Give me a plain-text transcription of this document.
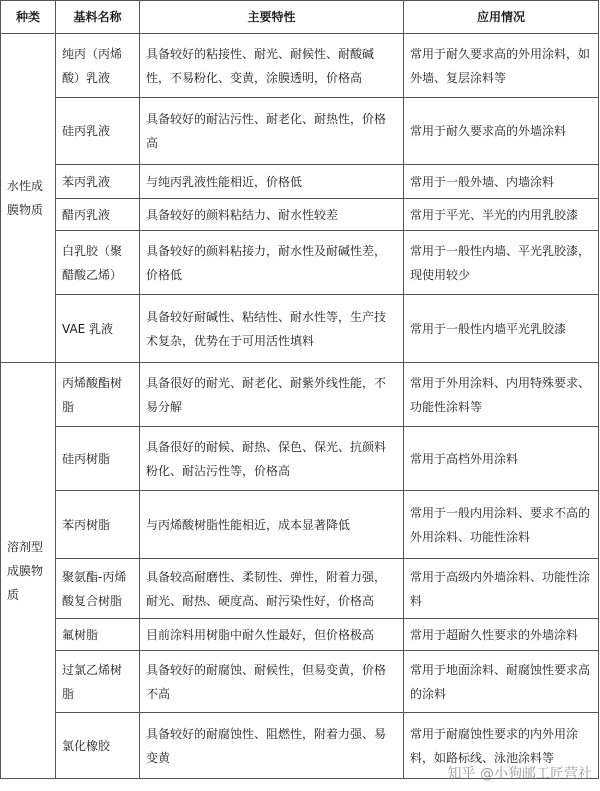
种类	基料名称	主要特性	应用情况
水性成膜物质	纯丙（丙烯酸）乳液	具备较好的粘接性、耐光、耐候性、耐酸碱性，不易粉化、变黄，涂膜透明，价格高	常用于耐久要求高的外用涂料，如外墙、复层涂料等
	硅丙乳液	具备较好的耐沾污性、耐老化、耐热性，价格高	常用于耐久要求高的外墙涂料
	苯丙乳液	与纯丙乳液性能相近，价格低	常用于一般外墙、内墙涂料
	醋丙乳液	具备较好的颜料粘结力、耐水性较差	常用于平光、半光的内用乳胶漆
	白乳胶（聚醋酸乙烯）	具备较好的颜料粘接力，耐水性及耐碱性差，价格低	常用于一般性内墙、平光乳胶漆，现使用较少
	VAE 乳液	具备较好耐碱性、粘结性、耐水性等，生产技术复杂，优势在于可用活性填料	常用于一般性内墙平光乳胶漆
溶剂型成膜物质	丙烯酸酯树脂	具备很好的耐光、耐老化、耐紫外线性能，不易分解	常用于外用涂料、内用特殊要求、功能性涂料等
	硅丙树脂	具备很好的耐候、耐热、保色、保光、抗颜料粉化、耐沾污性等，价格高	常用于高档外用涂料
	苯丙树脂	与丙烯酸树脂性能相近，成本显著降低	常用于一般内用涂料、要求不高的外用涂料、功能性涂料
	聚氨酯-丙烯酸复合树脂	具备较高耐磨性、柔韧性、弹性，附着力强，耐光、耐热、硬度高、耐污染性好，价格高	常用于高级内外墙涂料、功能性涂料
	氟树脂	目前涂料用树脂中耐久性最好，但价格极高	常用于超耐久性要求的外墙涂料
	过氯乙烯树脂	具备较好的耐腐蚀、耐候性，但易变黄，价格不高	常用于地面涂料、耐腐蚀性要求高的涂料
	氯化橡胶	具备较好的耐腐蚀性、阻燃性，附着力强、易变黄	常用于耐腐蚀性要求的内外用涂料，如路标线、泳池涂料等
知乎 @小狗邮工匠营社
